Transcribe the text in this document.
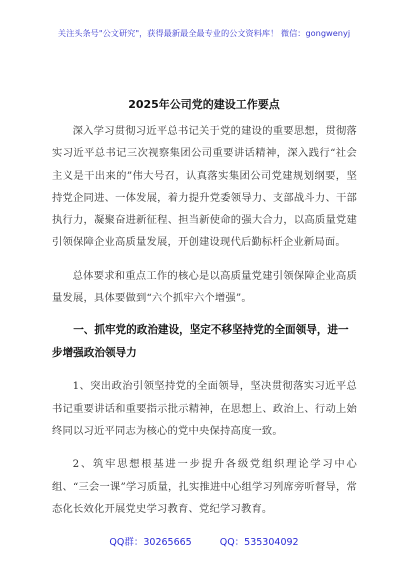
关注头条号"公文研究"，获得最新最全最专业的公文资料库！ 微信：gongwenyj
2025年公司党的建设工作要点

深入学习贯彻习近平总书记关于党的建设的重要思想，贯彻落实习近平总书记三次视察集团公司重要讲话精神，深入践行“社会主义是干出来的”伟大号召，认真落实集团公司党建规划纲要，坚持党企同进、一体发展，着力提升党委领导力、支部战斗力、干部执行力，凝聚奋进新征程、担当新使命的强大合力，以高质量党建引领保障企业高质量发展，开创建设现代后勤标杆企业新局面。

总体要求和重点工作的核心是以高质量党建引领保障企业高质量发展，具体要做到“六个抓牢六个增强”。

一、抓牢党的政治建设，坚定不移坚持党的全面领导，进一步增强政治领导力

1、突出政治引领坚持党的全面领导，坚决贯彻落实习近平总书记重要讲话和重要指示批示精神，在思想上、政治上、行动上始终同以习近平同志为核心的党中央保持高度一致。

2、筑牢思想根基进一步提升各级党组织理论学习中心组、“三会一课”学习质量，扎实推进中心组学习列席旁听督导，常态化长效化开展党史学习教育、党纪学习教育。

QQ群：30265665	QQ：535304092
